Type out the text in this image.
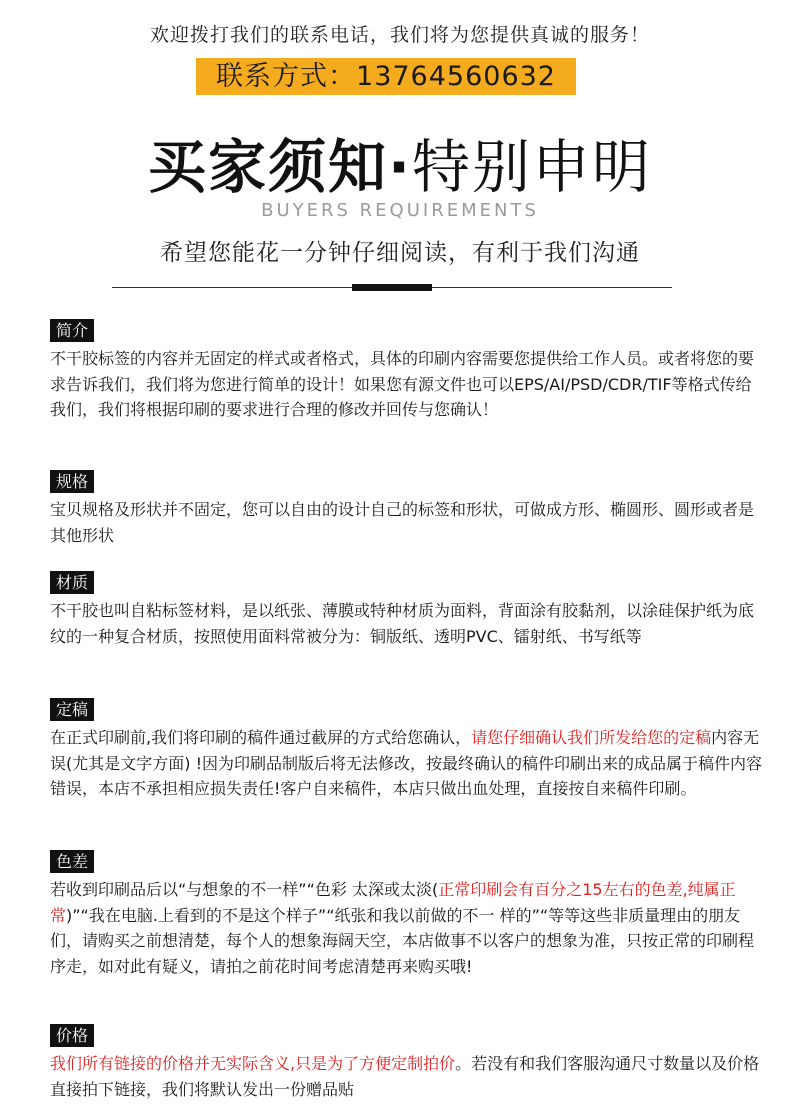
欢迎拨打我们的联系电话，我们将为您提供真诚的服务！
联系方式：13764560632
买家须知·特别申明
BUYERS REQUIREMENTS
希望您能花一分钟仔细阅读，有利于我们沟通
简介

不干胶标签的内容并无固定的样式或者格式，具体的印刷内容需要您提供给工作人员。或者将您的要求告诉我们，我们将为您进行简单的设计！如果您有源文件也可以EPS/AI/PSD/CDR/TIF等格式传给我们，我们将根据印刷的要求进行合理的修改并回传与您确认！

规格

宝贝规格及形状并不固定，您可以自由的设计自己的标签和形状，可做成方形、椭圆形、圆形或者是其他形状

材质

不干胶也叫自粘标签材料，是以纸张、薄膜或特种材质为面料，背面涂有胶黏剂，以涂硅保护纸为底纹的一种复合材质，按照使用面料常被分为：铜版纸、透明PVC、镭射纸、书写纸等

定稿

在正式印刷前,我们将印刷的稿件通过截屏的方式给您确认，请您仔细确认我们所发给您的定稿内容无误(尤其是文字方面) !因为印刷品制版后将无法修改，按最终确认的稿件印刷出来的成品属于稿件内容错误，本店不承担相应损失责任!客户自来稿件，本店只做出血处理，直接按自来稿件印刷。

色差

若收到印刷品后以“与想象的不一样”“色彩 太深或太淡(正常印刷会有百分之15左右的色差,纯属正常)”“我在电脑.上看到的不是这个样子”“纸张和我以前做的不一 样的”“等等这些非质量理由的朋友们，请购买之前想清楚，每个人的想象海阔天空，本店做事不以客户的想象为准，只按正常的印刷程序走，如对此有疑义，请拍之前花时间考虑清楚再来购买哦!

价格

我们所有链接的价格并无实际含义,只是为了方便定制拍价。若没有和我们客服沟通尺寸数量以及价格直接拍下链接，我们将默认发出一份赠品贴
